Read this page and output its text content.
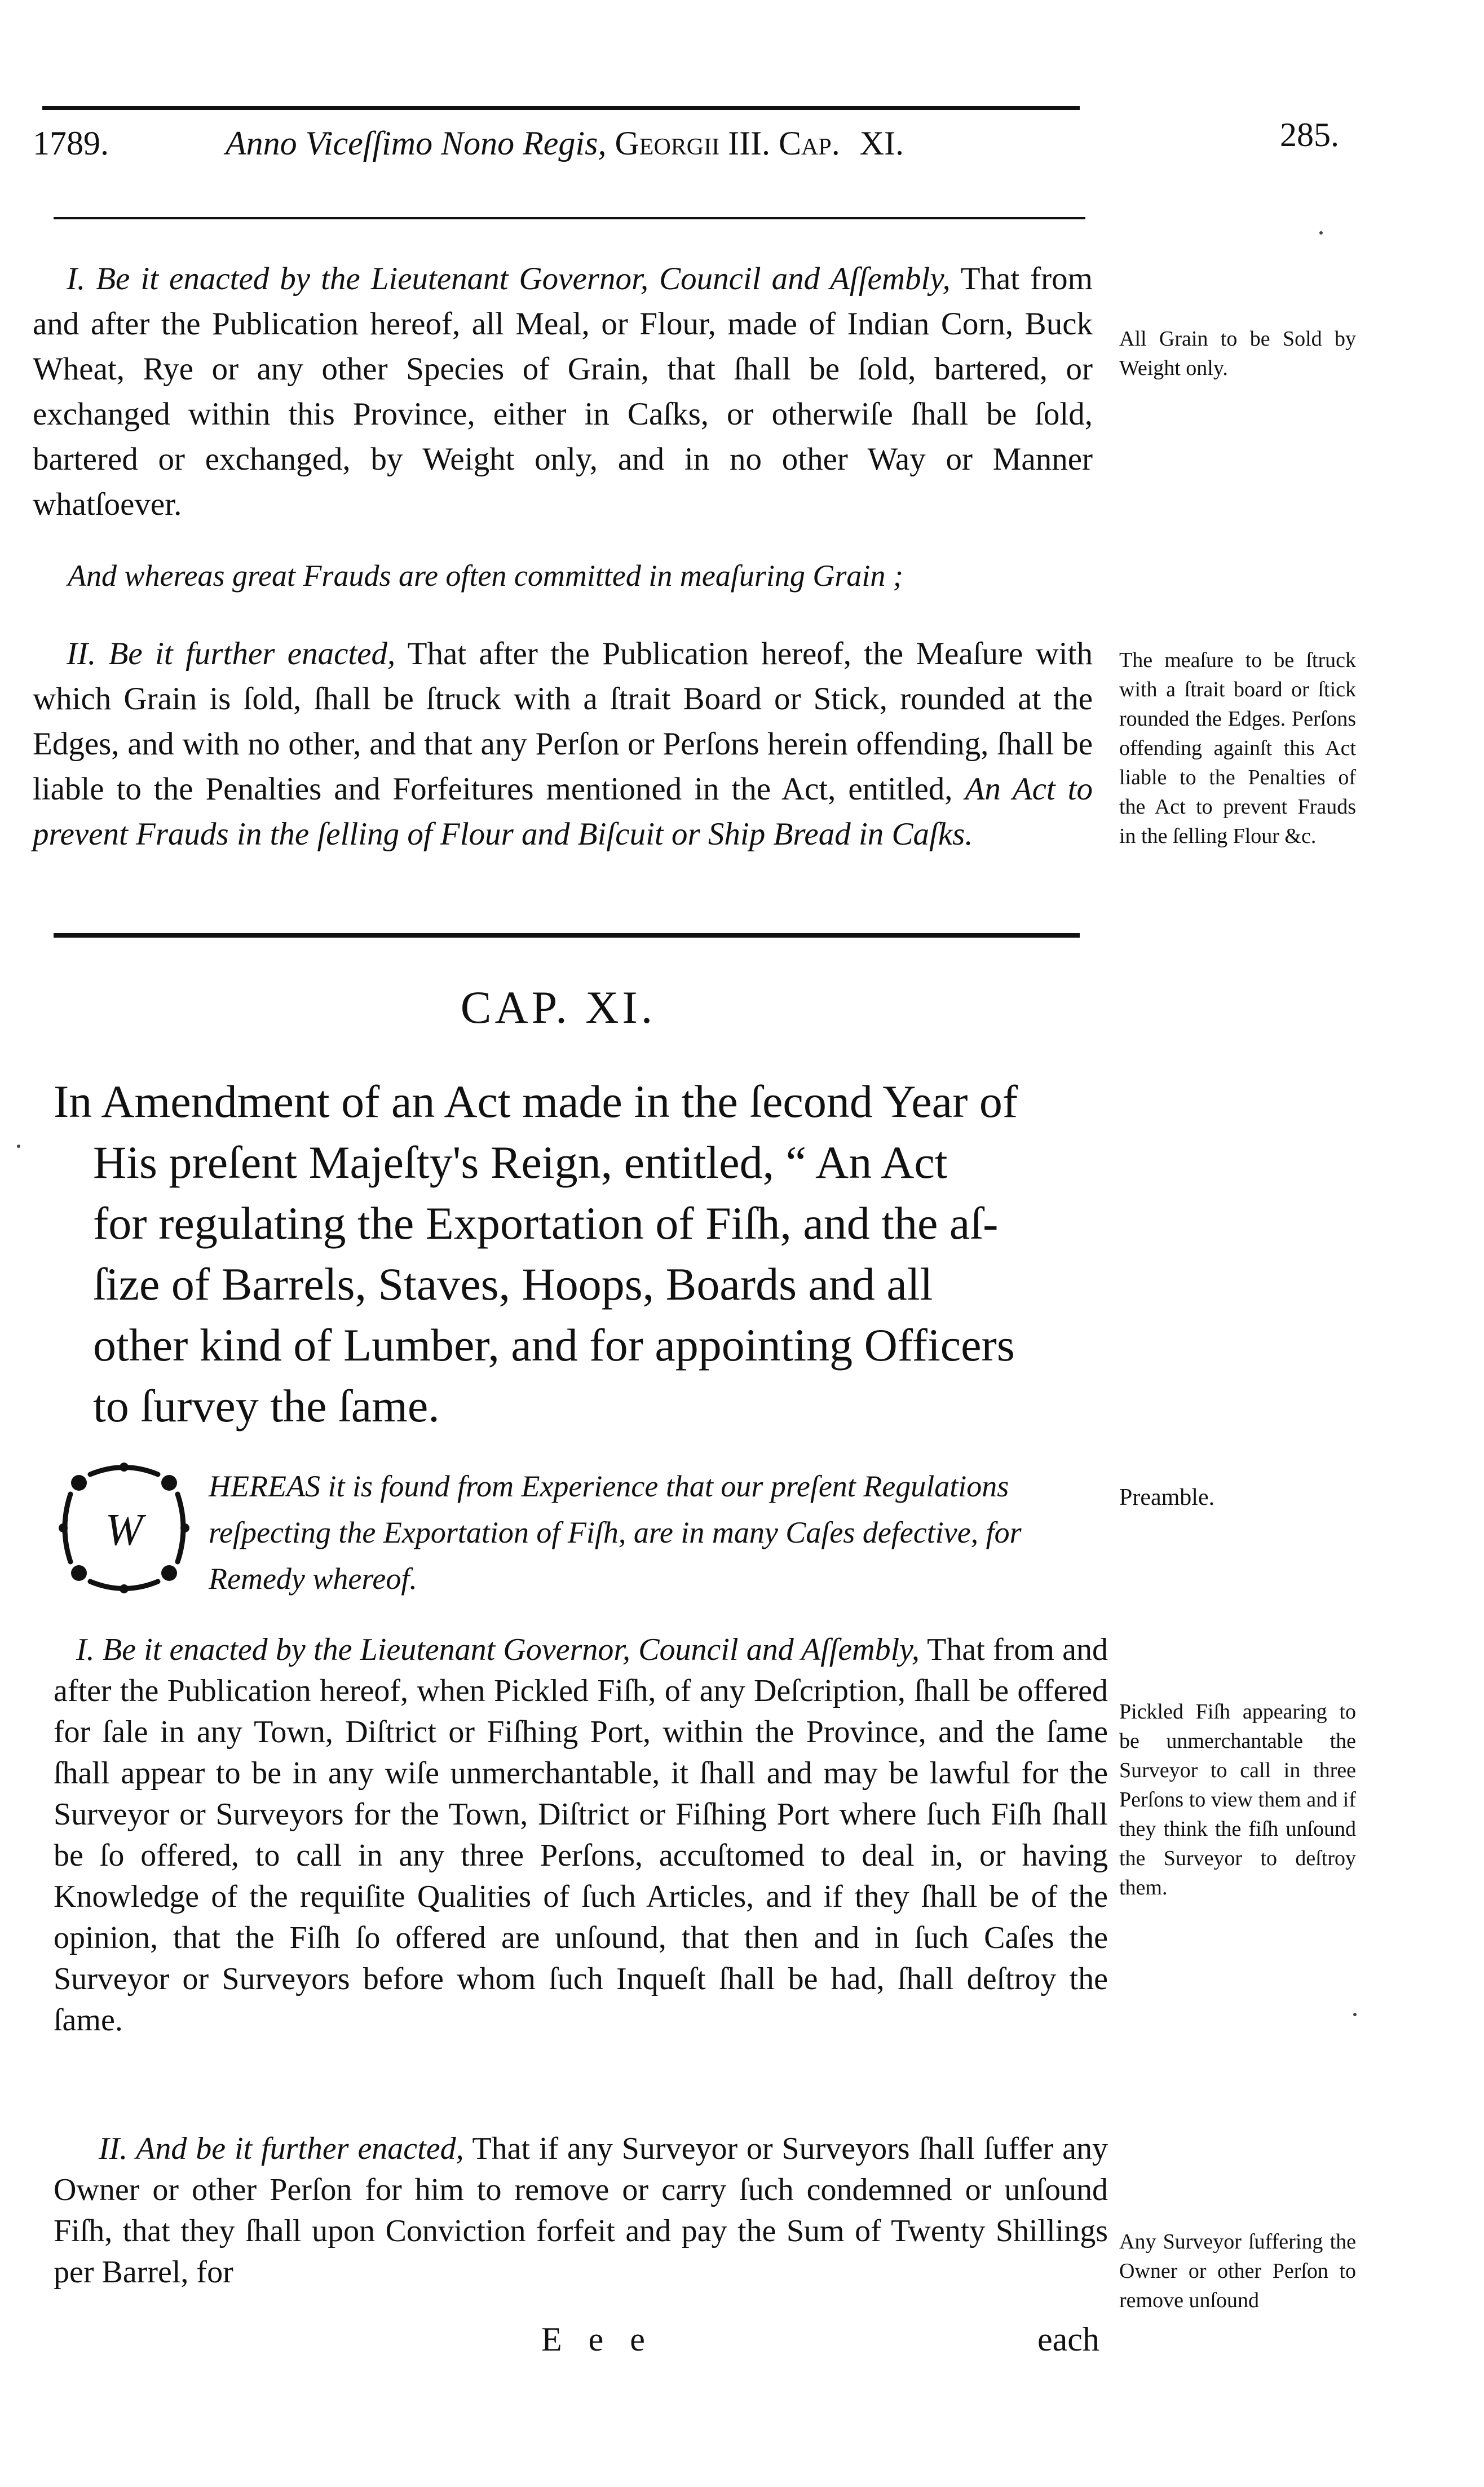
1789.	Anno Viceſſimo Nono Regis, Georgii III. Cap. XI.	285.
I. Be it enacted by the Lieutenant Governor, Council and Aſſembly, That from and after the Publication hereof, all Meal, or Flour, made of Indian Corn, Buck Wheat, Rye or any other Species of Grain, that ſhall be ſold, bartered, or exchanged within this Province, either in Caſks, or otherwiſe ſhall be ſold, bartered or exchanged, by Weight only, and in no other Way or Manner whatſoever.
All Grain to be Sold by Weight only.
And whereas great Frauds are often committed in meaſuring Grain ;
II. Be it further enacted, That after the Publication hereof, the Meaſure with which Grain is ſold, ſhall be ſtruck with a ſtrait Board or Stick, rounded at the Edges, and with no other, and that any Perſon or Perſons herein offending, ſhall be liable to the Penalties and Forfeitures mentioned in the Act, entitled, An Act to prevent Frauds in the ſelling of Flour and Biſcuit or Ship Bread in Caſks.
The meaſure to be ſtruck with a ſtrait board or ſtick rounded the Edges. Perſons offending againſt this Act liable to the Penalties of the Act to prevent Frauds in the ſelling Flour &c.
CAP. XI.
In Amendment of an Act made in the ſecond Year of
His preſent Majeſty's Reign, entitled, “ An Act
for regulating the Exportation of Fiſh, and the aſ-
ſize of Barrels, Staves, Hoops, Boards and all
other kind of Lumber, and for appointing Officers
to ſurvey the ſame.
W
HEREAS it is found from Experience that our preſent Regulations reſpecting the Exportation of Fiſh, are in many Caſes defective, for Remedy whereof.
Preamble.
I. Be it enacted by the Lieutenant Governor, Council and Aſſembly, That from and after the Publication hereof, when Pickled Fiſh, of any Deſcription, ſhall be offered for ſale in any Town, Diſtrict or Fiſhing Port, within the Province, and the ſame ſhall appear to be in any wiſe unmerchantable, it ſhall and may be lawful for the Surveyor or Surveyors for the Town, Diſtrict or Fiſhing Port where ſuch Fiſh ſhall be ſo offered, to call in any three Perſons, accuſtomed to deal in, or having Knowledge of the requiſite Qualities of ſuch Articles, and if they ſhall be of the opinion, that the Fiſh ſo offered are unſound, that then and in ſuch Caſes the Surveyor or Surveyors before whom ſuch Inqueſt ſhall be had, ſhall deſtroy the ſame.
Pickled Fiſh appearing to be unmerchantable the Surveyor to call in three Perſons to view them and if they think the fiſh unſound the Surveyor to deſtroy them.
II. And be it further enacted, That if any Surveyor or Surveyors ſhall ſuffer any Owner or other Perſon for him to remove or carry ſuch condemned or unſound Fiſh, that they ſhall upon Conviction forfeit and pay the Sum of Twenty Shillings per Barrel, for
Any Surveyor ſuffering the Owner or other Perſon to remove unſound
E e e	each
